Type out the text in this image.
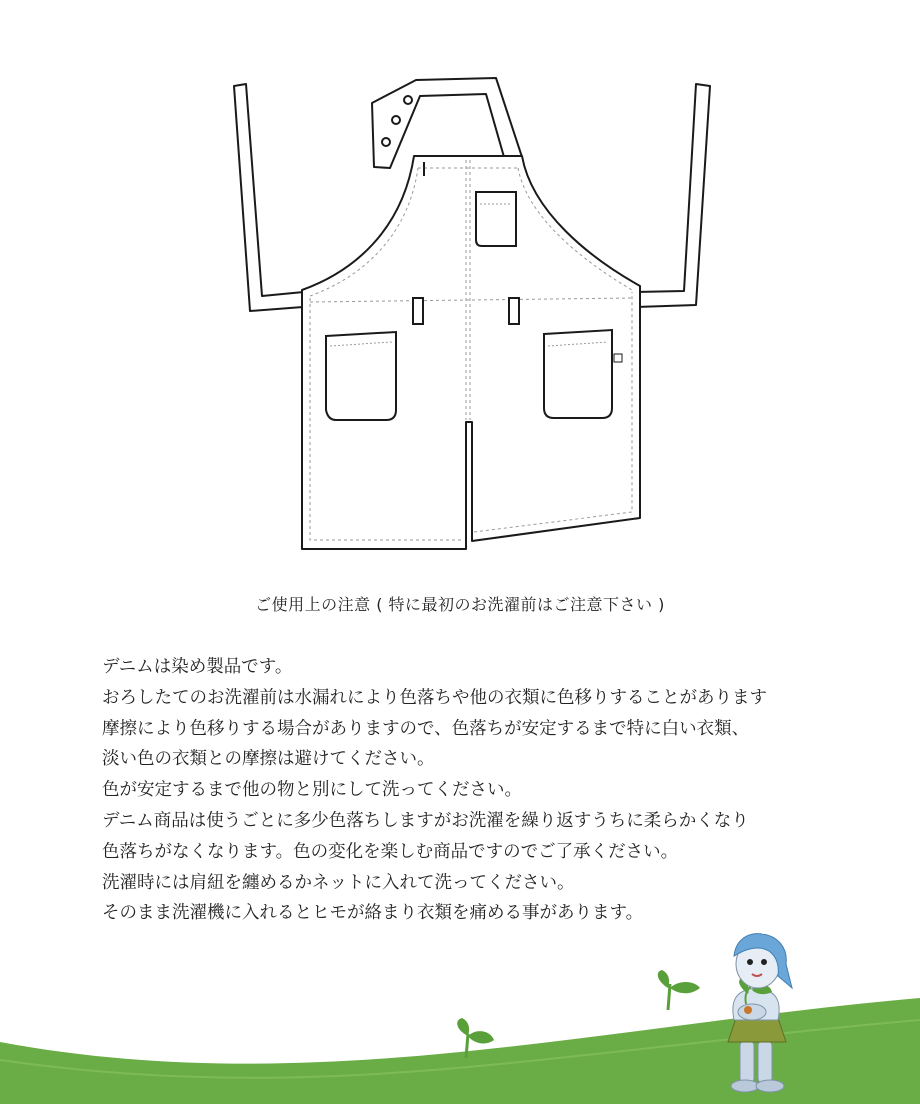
ご使用上の注意 ( 特に最初のお洗濯前はご注意下さい )
デニムは染め製品です。
おろしたてのお洗濯前は水漏れにより色落ちや他の衣類に色移りすることがあります
摩擦により色移りする場合がありますので、色落ちが安定するまで特に白い衣類、
淡い色の衣類との摩擦は避けてください。
色が安定するまで他の物と別にして洗ってください。
デニム商品は使うごとに多少色落ちしますがお洗濯を繰り返すうちに柔らかくなり
色落ちがなくなります。色の変化を楽しむ商品ですのでご了承ください。
洗濯時には肩紐を纏めるかネットに入れて洗ってください。
そのまま洗濯機に入れるとヒモが絡まり衣類を痛める事があります。
